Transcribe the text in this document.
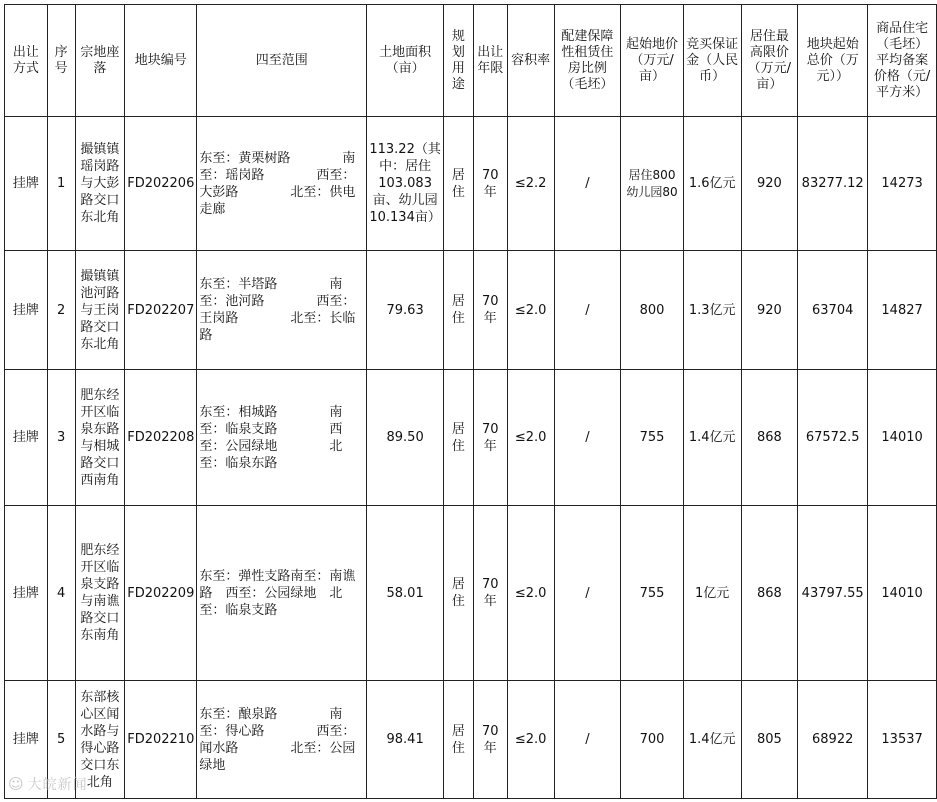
出让方式	序号	宗地座落	地块编号	四至范围	土地面积（亩）	规划用途	出让年限	容积率	配建保障性租赁住房比例（毛坯）	起始地价（万元/亩）	竞买保证金（人民币）	居住最高限价（万元/亩）	地块起始总价（万元））	商品住宅（毛坯）平均备案价格（元/平方米）
挂牌	1	撮镇镇瑶岗路与大彭路交口东北角	FD202206	东至：黄栗树路　　　　南至：瑶岗路　　　　西至：大彭路　　　　北至：供电走廊	113.22（其中：居住103.083亩、幼儿园10.134亩）	居住	70年	≤2.2	/	居住800幼儿园80	1.6亿元	920	83277.12	14273
挂牌	2	撮镇镇池河路与王岗路交口东北角	FD202207	东至：半塔路　　　　南至：池河路　　　　西至：王岗路　　　　北至：长临路	79.63	居住	70年	≤2.0	/	800	1.3亿元	920	63704	14827
挂牌	3	肥东经开区临泉东路与相城路交口西南角	FD202208	东至：相城路　　　　南至：临泉支路　　　　西至：公园绿地　　　　北至：临泉东路	89.50	居住	70年	≤2.0	/	755	1.4亿元	868	67572.5	14010
挂牌	4	肥东经开区临泉支路与南谯路交口东南角	FD202209	东至：弹性支路南至：南谯路　西至：公园绿地　北至：临泉支路	58.01	居住	70年	≤2.0	/	755	1亿元	868	43797.55	14010
挂牌	5	东部核心区闻水路与得心路交口东北角	FD202210	东至：酿泉路　　　　南至：得心路　　　　西至：闻水路　　　　北至：公园绿地	98.41	居住	70年	≤2.0	/	700	1.4亿元	805	68922	13537
☺ 大皖新闻
